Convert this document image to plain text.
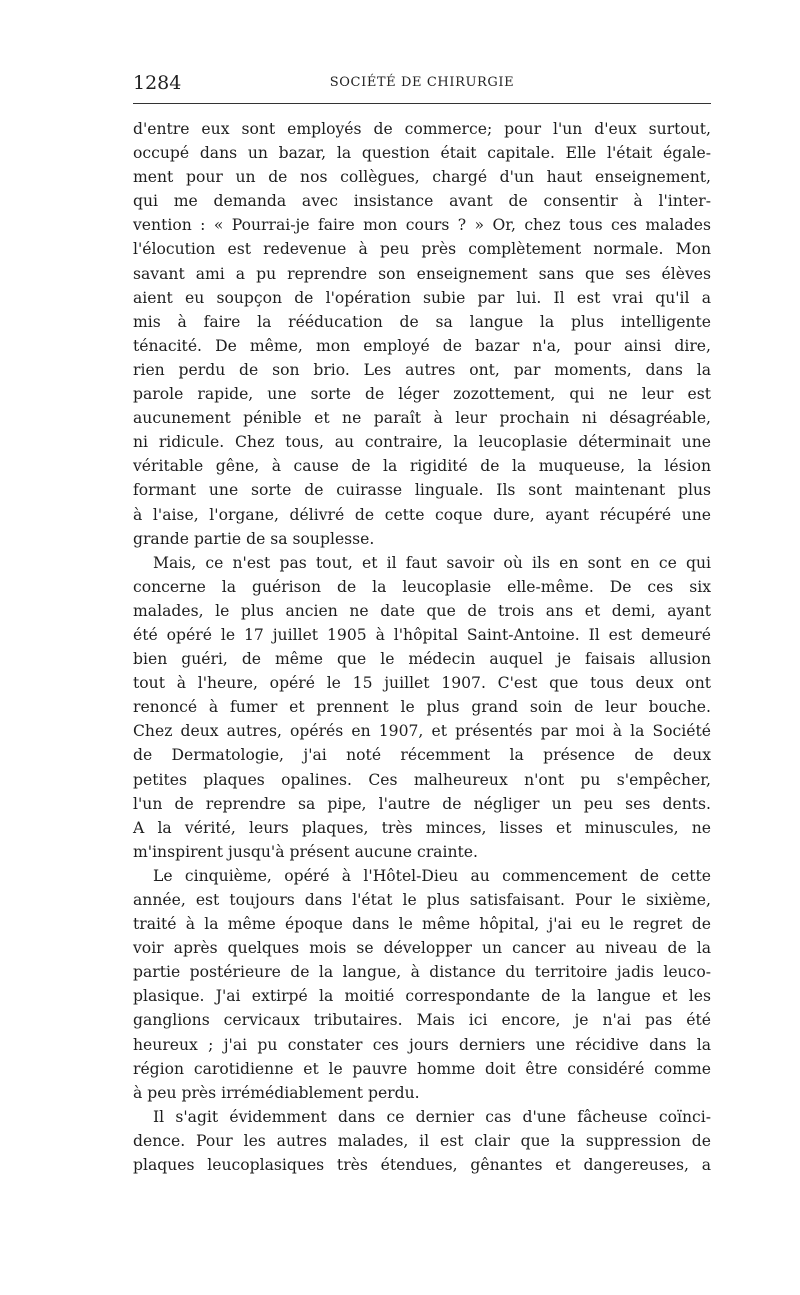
1284	SOCIÉTÉ DE CHIRURGIE
d'entre eux sont employés de commerce; pour l'un d'eux surtout,
occupé dans un bazar, la question était capitale. Elle l'était égale-
ment pour un de nos collègues, chargé d'un haut enseignement,
qui me demanda avec insistance avant de consentir à l'inter-
vention : « Pourrai-je faire mon cours ? » Or, chez tous ces malades
l'élocution est redevenue à peu près complètement normale. Mon
savant ami a pu reprendre son enseignement sans que ses élèves
aient eu soupçon de l'opération subie par lui. Il est vrai qu'il a
mis à faire la rééducation de sa langue la plus intelligente
ténacité. De même, mon employé de bazar n'a, pour ainsi dire,
rien perdu de son brio. Les autres ont, par moments, dans la
parole rapide, une sorte de léger zozottement, qui ne leur est
aucunement pénible et ne paraît à leur prochain ni désagréable,
ni ridicule. Chez tous, au contraire, la leucoplasie déterminait une
véritable gêne, à cause de la rigidité de la muqueuse, la lésion
formant une sorte de cuirasse linguale. Ils sont maintenant plus
à l'aise, l'organe, délivré de cette coque dure, ayant récupéré une
grande partie de sa souplesse.
Mais, ce n'est pas tout, et il faut savoir où ils en sont en ce qui
concerne la guérison de la leucoplasie elle-même. De ces six
malades, le plus ancien ne date que de trois ans et demi, ayant
été opéré le 17 juillet 1905 à l'hôpital Saint-Antoine. Il est demeuré
bien guéri, de même que le médecin auquel je faisais allusion
tout à l'heure, opéré le 15 juillet 1907. C'est que tous deux ont
renoncé à fumer et prennent le plus grand soin de leur bouche.
Chez deux autres, opérés en 1907, et présentés par moi à la Société
de Dermatologie, j'ai noté récemment la présence de deux
petites plaques opalines. Ces malheureux n'ont pu s'empêcher,
l'un de reprendre sa pipe, l'autre de négliger un peu ses dents.
A la vérité, leurs plaques, très minces, lisses et minuscules, ne
m'inspirent jusqu'à présent aucune crainte.
Le cinquième, opéré à l'Hôtel-Dieu au commencement de cette
année, est toujours dans l'état le plus satisfaisant. Pour le sixième,
traité à la même époque dans le même hôpital, j'ai eu le regret de
voir après quelques mois se développer un cancer au niveau de la
partie postérieure de la langue, à distance du territoire jadis leuco-
plasique. J'ai extirpé la moitié correspondante de la langue et les
ganglions cervicaux tributaires. Mais ici encore, je n'ai pas été
heureux ; j'ai pu constater ces jours derniers une récidive dans la
région carotidienne et le pauvre homme doit être considéré comme
à peu près irrémédiablement perdu.
Il s'agit évidemment dans ce dernier cas d'une fâcheuse coïnci-
dence. Pour les autres malades, il est clair que la suppression de
plaques leucoplasiques très étendues, gênantes et dangereuses, a
